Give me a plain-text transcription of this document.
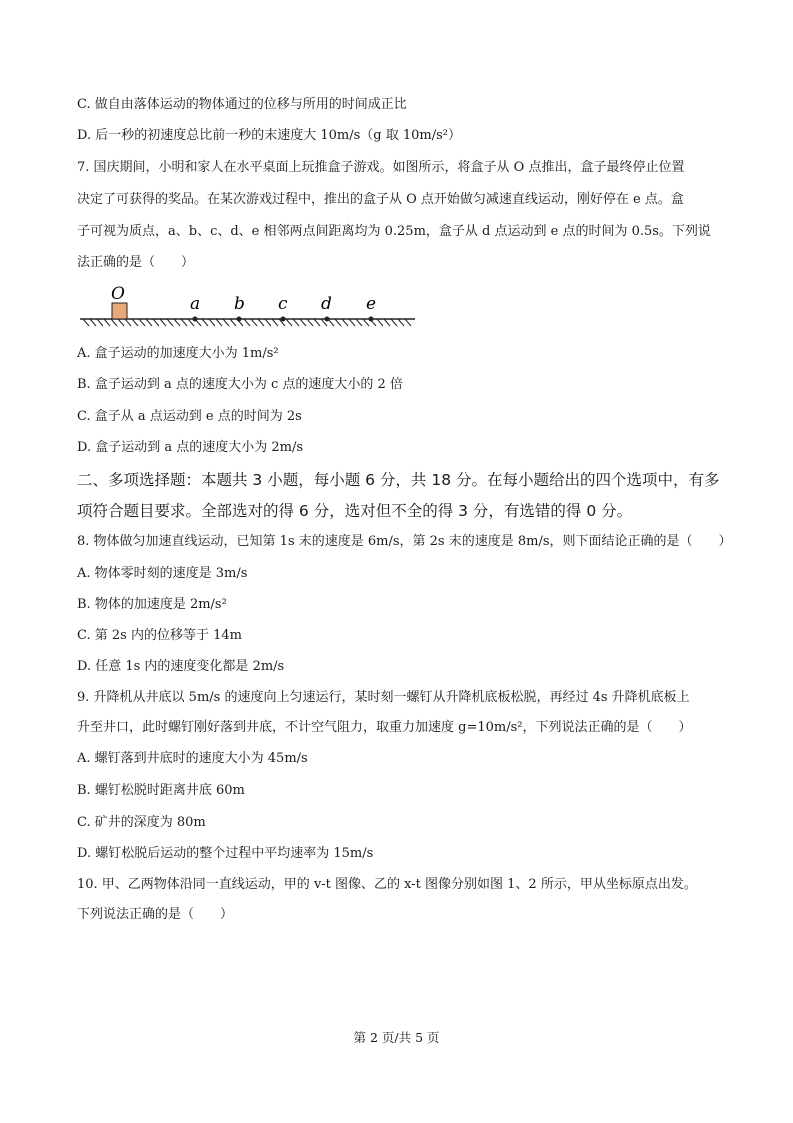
C. 做自由落体运动的物体通过的位移与所用的时间成正比
D. 后一秒的初速度总比前一秒的末速度大 10m/s（g 取 10m/s²）
7. 国庆期间，小明和家人在水平桌面上玩推盒子游戏。如图所示，将盒子从 O 点推出，盒子最终停止位置
决定了可获得的奖品。在某次游戏过程中，推出的盒子从 O 点开始做匀减速直线运动，刚好停在 e 点。盒
子可视为质点，a、b、c、d、e 相邻两点间距离均为 0.25m，盒子从 d 点运动到 e 点的时间为 0.5s。下列说
法正确的是（　　）
O	a b c d e
A. 盒子运动的加速度大小为 1m/s²
B. 盒子运动到 a 点的速度大小为 c 点的速度大小的 2 倍
C. 盒子从 a 点运动到 e 点的时间为 2s
D. 盒子运动到 a 点的速度大小为 2m/s
二、多项选择题：本题共 3 小题，每小题 6 分，共 18 分。在每小题给出的四个选项中，有多
项符合题目要求。全部选对的得 6 分，选对但不全的得 3 分，有选错的得 0 分。
8. 物体做匀加速直线运动，已知第 1s 末的速度是 6m/s，第 2s 末的速度是 8m/s，则下面结论正确的是（　　）
A. 物体零时刻的速度是 3m/s
B. 物体的加速度是 2m/s²
C. 第 2s 内的位移等于 14m
D. 任意 1s 内的速度变化都是 2m/s
9. 升降机从井底以 5m/s 的速度向上匀速运行，某时刻一螺钉从升降机底板松脱，再经过 4s 升降机底板上
升至井口，此时螺钉刚好落到井底，不计空气阻力，取重力加速度 g=10m/s²，下列说法正确的是（　　）
A. 螺钉落到井底时的速度大小为 45m/s
B. 螺钉松脱时距离井底 60m
C. 矿井的深度为 80m
D. 螺钉松脱后运动的整个过程中平均速率为 15m/s
10. 甲、乙两物体沿同一直线运动，甲的 v-t 图像、乙的 x-t 图像分别如图 1、2 所示，甲从坐标原点出发。
下列说法正确的是（　　）
第 2 页/共 5 页
